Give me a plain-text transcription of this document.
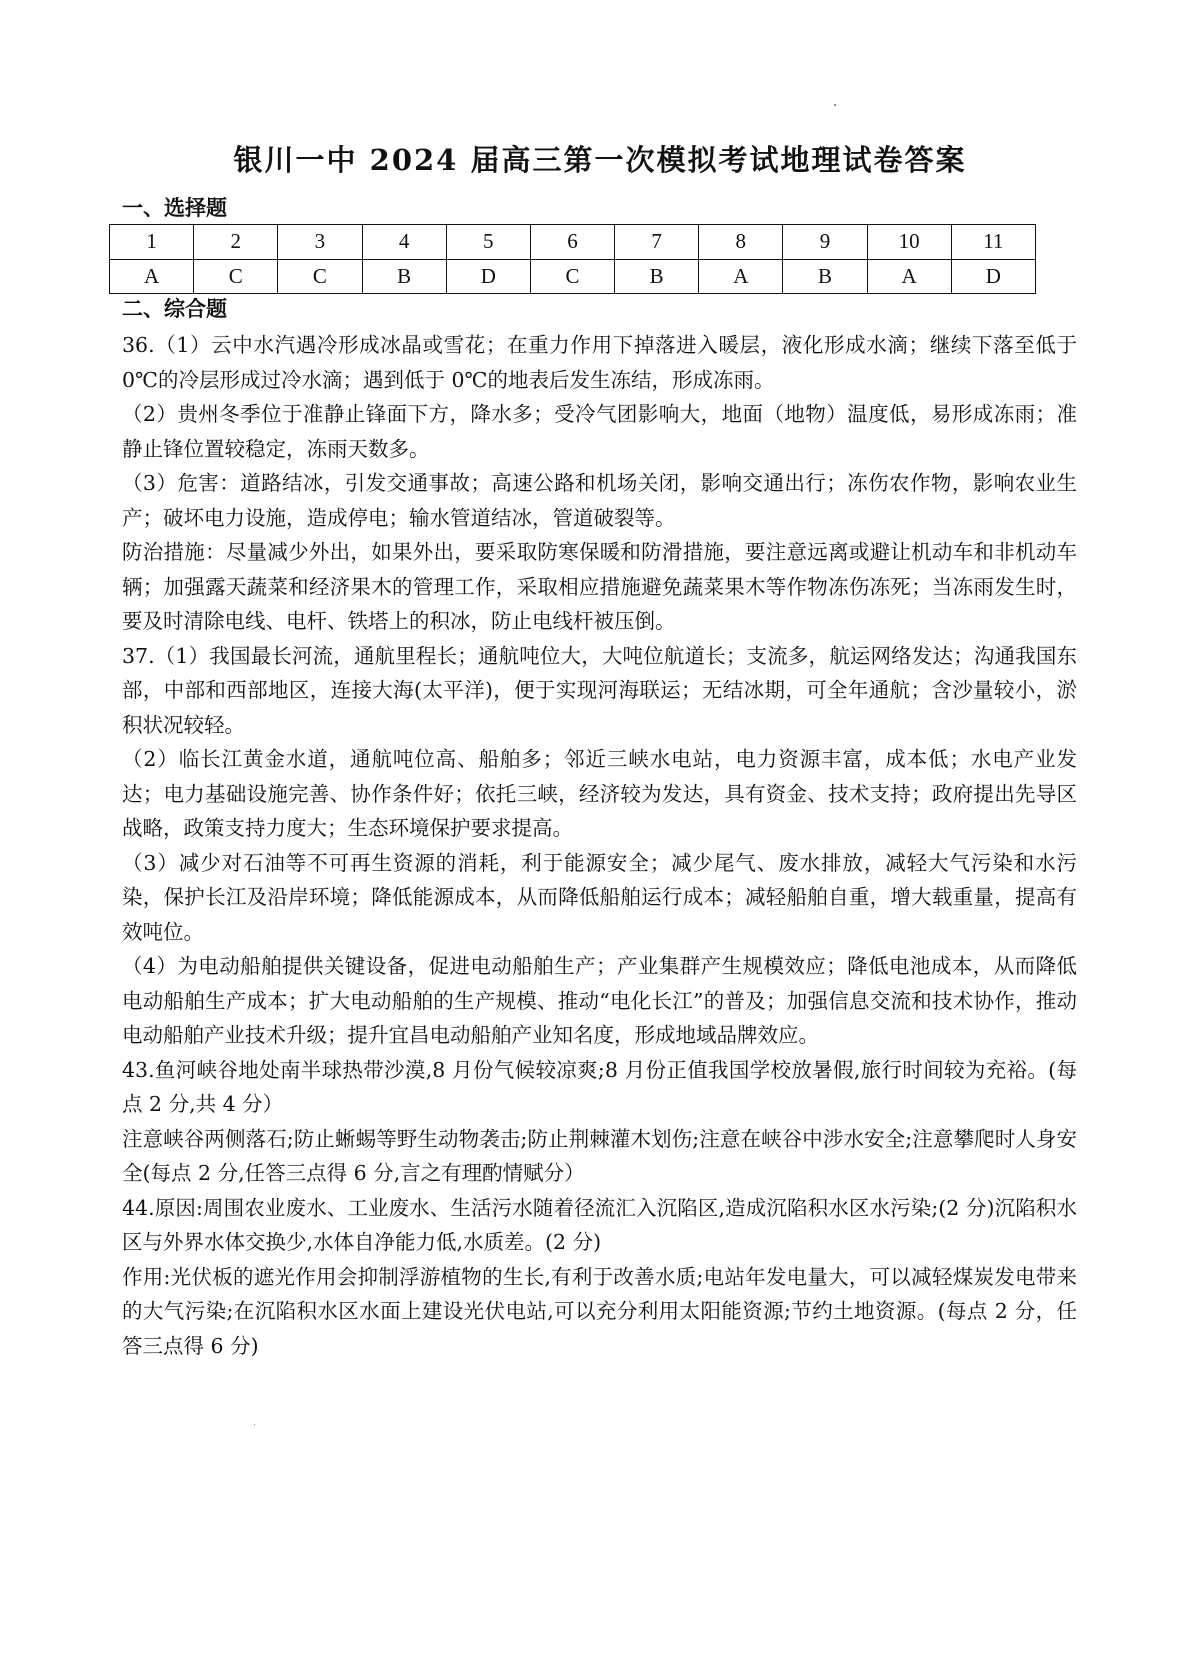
银川一中 2024 届高三第一次模拟考试地理试卷答案
一、选择题
1	2	3	4	5	6	7	8	9	10	11
A	C	C	B	D	C	B	A	B	A	D
二、综合题

36.（1）云中水汽遇冷形成冰晶或雪花；在重力作用下掉落进入暖层，液化形成水滴；继续下落至低于 0℃的冷层形成过冷水滴；遇到低于 0℃的地表后发生冻结，形成冻雨。

（2）贵州冬季位于准静止锋面下方，降水多；受冷气团影响大，地面（地物）温度低，易形成冻雨；准静止锋位置较稳定，冻雨天数多。

（3）危害：道路结冰，引发交通事故；高速公路和机场关闭，影响交通出行；冻伤农作物，影响农业生产；破坏电力设施，造成停电；输水管道结冰，管道破裂等。

防治措施：尽量减少外出，如果外出，要采取防寒保暖和防滑措施，要注意远离或避让机动车和非机动车辆；加强露天蔬菜和经济果木的管理工作，采取相应措施避免蔬菜果木等作物冻伤冻死；当冻雨发生时，要及时清除电线、电杆、铁塔上的积冰，防止电线杆被压倒。

37.（1）我国最长河流，通航里程长；通航吨位大，大吨位航道长；支流多，航运网络发达；沟通我国东部，中部和西部地区，连接大海(太平洋)，便于实现河海联运；无结冰期，可全年通航；含沙量较小，淤积状况较轻。

（2）临长江黄金水道，通航吨位高、船舶多；邻近三峡水电站，电力资源丰富，成本低；水电产业发达；电力基础设施完善、协作条件好；依托三峡，经济较为发达，具有资金、技术支持；政府提出先导区战略，政策支持力度大；生态环境保护要求提高。

（3）减少对石油等不可再生资源的消耗，利于能源安全；减少尾气、废水排放，减轻大气污染和水污染，保护长江及沿岸环境；降低能源成本，从而降低船舶运行成本；减轻船舶自重，增大载重量，提高有效吨位。

（4）为电动船舶提供关键设备，促进电动船舶生产；产业集群产生规模效应；降低电池成本，从而降低电动船舶生产成本；扩大电动船舶的生产规模、推动“电化长江”的普及；加强信息交流和技术协作，推动电动船舶产业技术升级；提升宜昌电动船舶产业知名度，形成地域品牌效应。

43.鱼河峡谷地处南半球热带沙漠,8 月份气候较凉爽;8 月份正值我国学校放暑假,旅行时间较为充裕。(每点 2 分,共 4 分）

注意峡谷两侧落石;防止蜥蜴等野生动物袭击;防止荆棘灌木划伤;注意在峡谷中涉水安全;注意攀爬时人身安全(每点 2 分,任答三点得 6 分,言之有理酌情赋分）

44.原因:周围农业废水、工业废水、生活污水随着径流汇入沉陷区,造成沉陷积水区水污染;(2 分)沉陷积水区与外界水体交换少,水体自净能力低,水质差。(2 分)

作用:光伏板的遮光作用会抑制浮游植物的生长,有利于改善水质;电站年发电量大，可以减轻煤炭发电带来的大气污染;在沉陷积水区水面上建设光伏电站,可以充分利用太阳能资源;节约土地资源。(每点 2 分，任答三点得 6 分)
